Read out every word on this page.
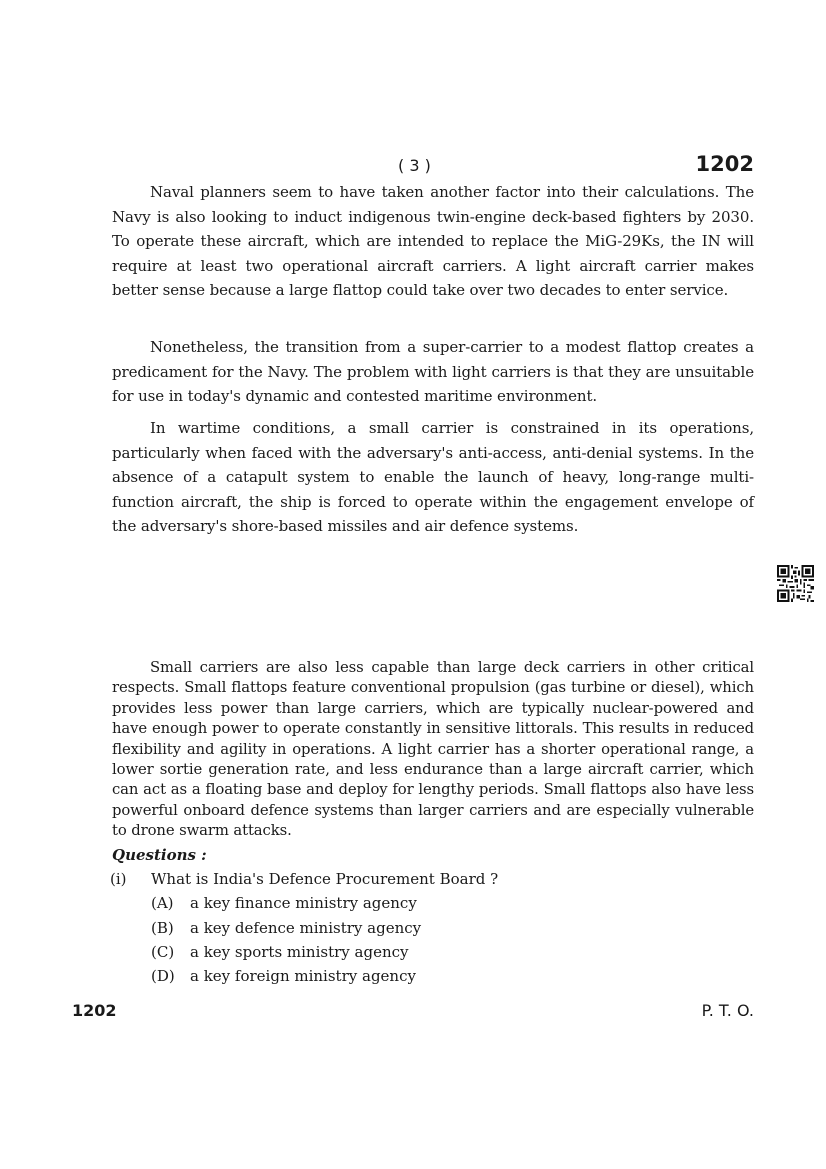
( 3 )	1202

Naval planners seem to have taken another factor into their calculations. The Navy is also looking to induct indigenous twin-engine deck-based fighters by 2030. To operate these aircraft, which are intended to replace the MiG-29Ks, the IN will require at least two operational aircraft carriers. A light aircraft carrier makes better sense because a large flattop could take over two decades to enter service.

Nonetheless, the transition from a super-carrier to a modest flattop creates a predicament for the Navy. The problem with light carriers is that they are unsuitable for use in today's dynamic and contested maritime environment.

In wartime conditions, a small carrier is constrained in its operations, particularly when faced with the adversary's anti-access, anti-denial systems. In the absence of a catapult system to enable the launch of heavy, long-range multi-function aircraft, the ship is forced to operate within the engagement envelope of the adversary's shore-based missiles and air defence systems.

Small carriers are also less capable than large deck carriers in other critical respects. Small flattops feature conventional propulsion (gas turbine or diesel), which provides less power than large carriers, which are typically nuclear-powered and have enough power to operate constantly in sensitive littorals. This results in reduced flexibility and agility in operations. A light carrier has a shorter operational range, a lower sortie generation rate, and less endurance than a large aircraft carrier, which can act as a floating base and deploy for lengthy periods. Small flattops also have less powerful onboard defence systems than larger carriers and are especially vulnerable to drone swarm attacks.

Questions :
(i) What is India's Defence Procurement Board ?
(A) a key finance ministry agency
(B) a key defence ministry agency
(C) a key sports ministry agency
(D) a key foreign ministry agency
1202	P. T. O.
